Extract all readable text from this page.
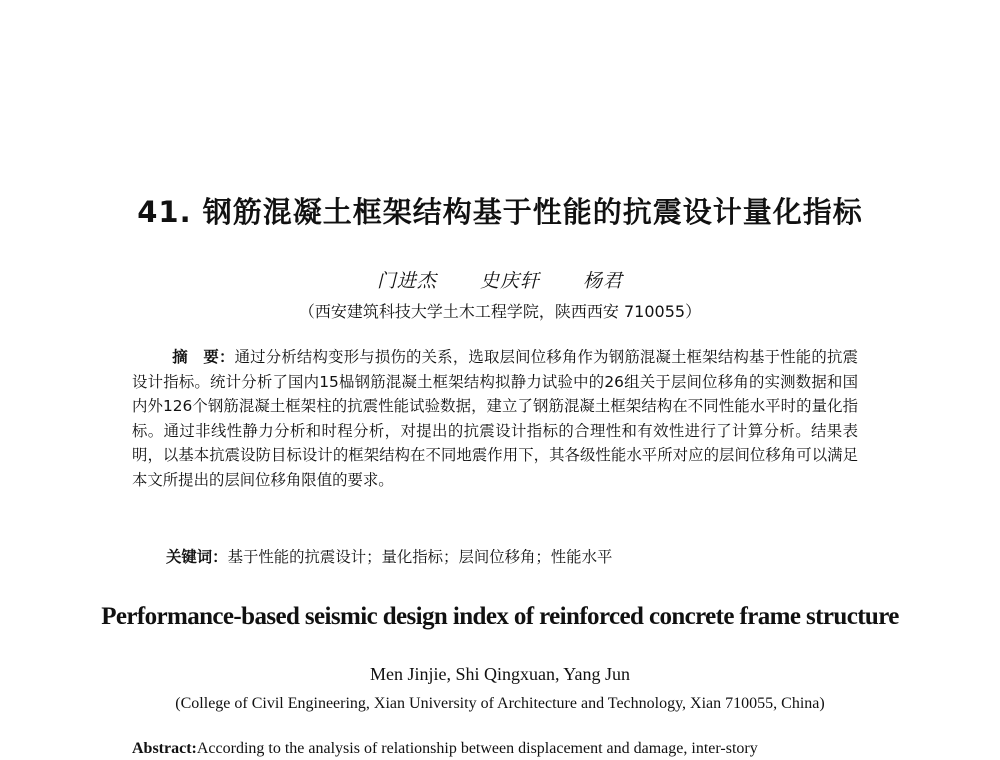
41. 钢筋混凝土框架结构基于性能的抗震设计量化指标
门进杰 史庆轩 杨君
（西安建筑科技大学土木工程学院，陕西西安 710055）
摘　要：通过分析结构变形与损伤的关系，选取层间位移角作为钢筋混凝土框架结构基于性能的抗震设计指标。统计分析了国内15榀钢筋混凝土框架结构拟静力试验中的26组关于层间位移角的实测数据和国内外126个钢筋混凝土框架柱的抗震性能试验数据，建立了钢筋混凝土框架结构在不同性能水平时的量化指标。通过非线性静力分析和时程分析，对提出的抗震设计指标的合理性和有效性进行了计算分析。结果表明，以基本抗震设防目标设计的框架结构在不同地震作用下，其各级性能水平所对应的层间位移角可以满足本文所提出的层间位移角限值的要求。
关键词：基于性能的抗震设计；量化指标；层间位移角；性能水平
Performance-based seismic design index of reinforced concrete frame structure
Men Jinjie, Shi Qingxuan, Yang Jun
(College of Civil Engineering, Xian University of Architecture and Technology, Xian 710055, China)
Abstract:According to the analysis of relationship between displacement and damage, inter-story
